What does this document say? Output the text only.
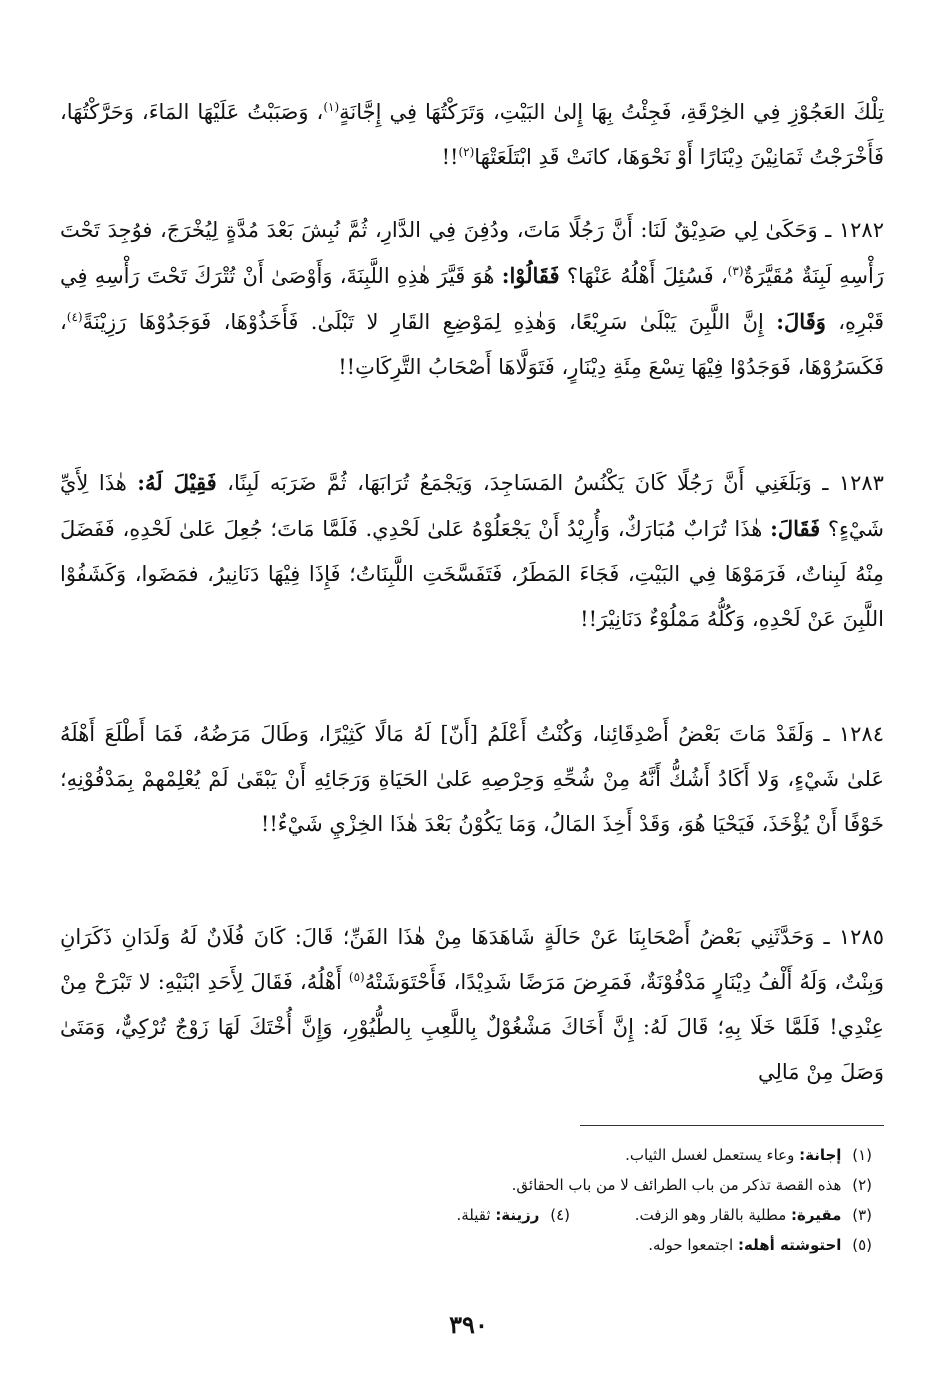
تِلْكَ العَجُوْزِ فِي الخِرْقَةِ، فَجِئْتُ بِهَا إِلىٰ البَيْتِ، وَتَرَكْتُهَا فِي إِجَّانَةٍ$^{(١)}$، وَصَبَبْتُ عَلَيْهَا المَاءَ، وَحَرَّكْتُهَا، فَأَخْرَجْتُ ثَمَانِيْنَ دِيْنَارًا أَوْ نَحْوَهَا، كانَتْ قَدِ ابْتَلَعَتْهَا$^{(٢)}$!!

١٢٨٢ ـ وَحَكَىٰ لِي صَدِيْقٌ لَنَا: أَنَّ رَجُلًا مَاتَ، ودُفِنَ فِي الدَّارِ، ثُمَّ نُبِشَ بَعْدَ مُدَّةٍ لِيُخْرَجَ، فوُجِدَ تَحْتَ رَأْسِهِ لَبِنَةٌ مُقَيَّرَةٌ$^{(٣)}$، فَسُئِلَ أَهْلُهُ عَنْهَا؟ فَقَالُوْا: هُوَ قَيَّرَ هٰذِهِ اللَّبِنَةَ، وَأَوْصَىٰ أَنْ تُتْرَكَ تَحْتَ رَأْسِهِ فِي قَبْرِهِ، وَقَالَ: إِنَّ اللَّبِنَ يَبْلَىٰ سَرِيْعًا، وَهٰذِهِ لِمَوْضِعِ القَارِ لا تَبْلَىٰ. فَأَخَذُوْهَا، فَوَجَدُوْهَا رَزِيْنَةً$^{(٤)}$، فَكَسَرُوْهَا، فَوَجَدُوْا فِيْهَا تِسْعَ مِئَةِ دِيْنَارٍ، فَتَوَلَّاهَا أَصْحَابُ التَّرِكَاتِ!!

١٢٨٣ ـ وَبَلَغَنِي أَنَّ رَجُلًا كَانَ يَكْنُسُ المَسَاجِدَ، وَيَجْمَعُ تُرَابَهَا، ثُمَّ ضَرَبَه لَبِنًا، فَقِيْلَ لَهُ: هٰذَا لِأَيِّ شَيْءٍ؟ فَقَالَ: هٰذَا تُرَابٌ مُبَارَكٌ، وَأُرِيْدُ أَنْ يَجْعَلُوْهُ عَلىٰ لَحْدِي. فَلَمَّا مَاتَ؛ جُعِلَ عَلىٰ لَحْدِهِ، فَفَضَلَ مِنْهُ لَبِناتٌ، فَرَمَوْهَا فِي البَيْتِ، فَجَاءَ المَطَرُ، فَتَفَسَّخَتِ اللَّبِنَاتُ؛ فَإِذَا فِيْهَا دَنَانِيرُ، فمَضَوا، وَكَشَفُوْا اللَّبِنَ عَنْ لَحْدِهِ، وَكُلُّهُ مَمْلُوْءٌ دَنَانِيْرَ!!

١٢٨٤ ـ وَلَقَدْ مَاتَ بَعْضُ أَصْدِقَائِنا، وَكُنْتُ أَعْلَمُ [أَنّ] لَهُ مَالًا كَثِيْرًا، وَطَالَ مَرَضُهُ، فَمَا أَطْلَعَ أَهْلَهُ عَلىٰ شَيْءٍ، وَلا أَكَادُ أَشُكُّ أَنَّهُ مِنْ شُحِّهِ وَحِرْصِهِ عَلىٰ الحَيَاةِ وَرَجَائِهِ أَنْ يَبْقَىٰ لَمْ يُعْلِمْهمْ بِمَدْفُوْنِهِ؛ خَوْفًا أَنْ يُؤْخَذَ، فَيَحْيَا هُوَ، وَقَدْ أَخِذَ المَالُ، وَمَا يَكُوْنُ بَعْدَ هٰذَا الخِزْيِ شَيْءٌ!!

١٢٨٥ ـ وَحَدَّثَنِي بَعْضُ أَصْحَابِنَا عَنْ حَالَةٍ شَاهَدَهَا مِنْ هٰذَا الفَنِّ؛ قَالَ: كَانَ فُلَانٌ لَهُ وَلَدَانِ ذَكَرَانِ وَبِنْتٌ، وَلَهُ أَلْفُ دِيْنَارٍ مَدْفُوْنَةٌ، فَمَرِضَ مَرَضًا شَدِيْدًا، فَأَحْتَوَشَتْهُ$^{(٥)}$ أَهْلُهُ، فَقَالَ لِأَحَدِ ابْنَيْهِ: لا تَبْرَحْ مِنْ عِنْدِي! فَلَمَّا خَلَا بِهِ؛ قَالَ لَهُ: إِنَّ أَخَاكَ مَشْغُوْلٌ بِاللَّعِبِ بِالطُّيُوْرِ، وَإِنَّ أُخْتَكَ لَهَا زَوْجٌ تُرْكِيٌّ، وَمَتَىٰ وَصَلَ مِنْ مَالِي

(١) إجانة: وعاء يستعمل لغسل الثياب.
(٢) هذه القصة تذكر من باب الطرائف لا من باب الحقائق.
(٣) مقيرة: مطلية بالقار وهو الزفت. (٤) رزينة: ثقيلة.
(٥) احتوشته أهله: اجتمعوا حوله.
٣٩٠
